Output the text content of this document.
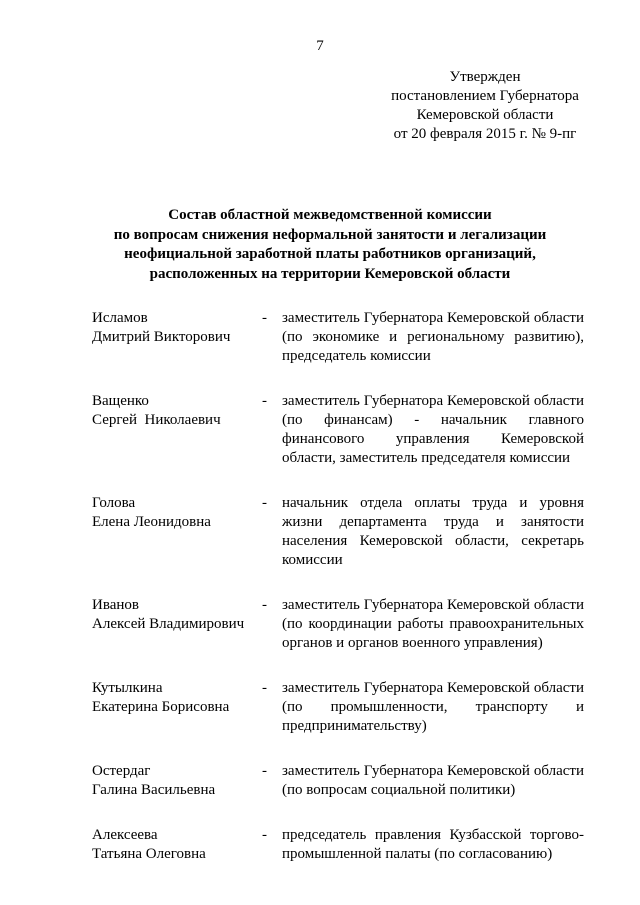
7
Утвержден
постановлением Губернатора
Кемеровской области
от 20 февраля 2015 г. № 9-пг
Состав областной межведомственной комиссии
по вопросам снижения неформальной занятости и легализации
неофициальной заработной платы работников организаций,
расположенных на территории Кемеровской области
Исламов
Дмитрий Викторович
-	заместитель Губернатора Кемеровской области (по экономике и региональному развитию), председатель комиссии
Ващенко
Сергей  Николаевич
-	заместитель Губернатора Кемеровской области (по финансам) - начальник главного финансового управления Кемеровской области, заместитель председателя комиссии
Голова
Елена Леонидовна
-	начальник отдела оплаты труда и уровня жизни департамента труда и занятости населения Кемеровской области, секретарь комиссии
Иванов
Алексей Владимирович
-	заместитель Губернатора Кемеровской области (по координации работы правоохранительных органов и органов военного управления)
Кутылкина
Екатерина Борисовна
-	заместитель Губернатора Кемеровской области (по промышленности, транспорту и предпринимательству)
Остердаг
Галина Васильевна
-	заместитель Губернатора Кемеровской области (по вопросам социальной политики)
Алексеева
Татьяна Олеговна
-	председатель правления Кузбасской торгово-промышленной палаты (по согласованию)
